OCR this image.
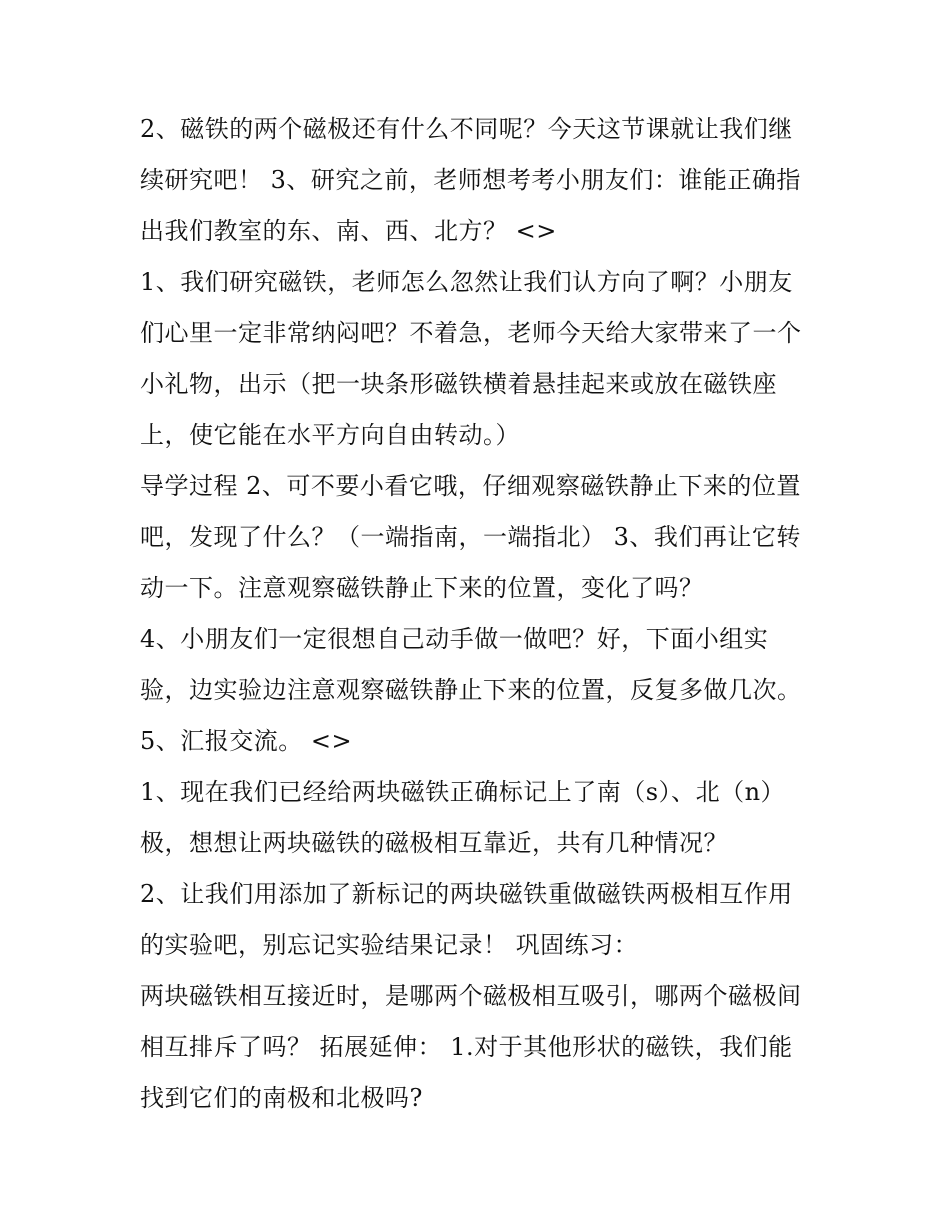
2、磁铁的两个磁极还有什么不同呢？今天这节课就让我们继
续研究吧！ 3、研究之前，老师想考考小朋友们：谁能正确指
出我们教室的东、南、西、北方？ <>
1、我们研究磁铁，老师怎么忽然让我们认方向了啊？小朋友
们心里一定非常纳闷吧？不着急，老师今天给大家带来了一个
小礼物，出示（把一块条形磁铁横着悬挂起来或放在磁铁座
上，使它能在水平方向自由转动。）
导学过程 2、可不要小看它哦，仔细观察磁铁静止下来的位置
吧，发现了什么？（一端指南，一端指北） 3、我们再让它转
动一下。注意观察磁铁静止下来的位置，变化了吗？
4、小朋友们一定很想自己动手做一做吧？好，下面小组实
验，边实验边注意观察磁铁静止下来的位置，反复多做几次。
5、汇报交流。 <>
1、现在我们已经给两块磁铁正确标记上了南（s）、北（n）
极，想想让两块磁铁的磁极相互靠近，共有几种情况？
2、让我们用添加了新标记的两块磁铁重做磁铁两极相互作用
的实验吧，别忘记实验结果记录！ 巩固练习：
两块磁铁相互接近时，是哪两个磁极相互吸引，哪两个磁极间
相互排斥了吗？ 拓展延伸： 1.对于其他形状的磁铁，我们能
找到它们的南极和北极吗?
